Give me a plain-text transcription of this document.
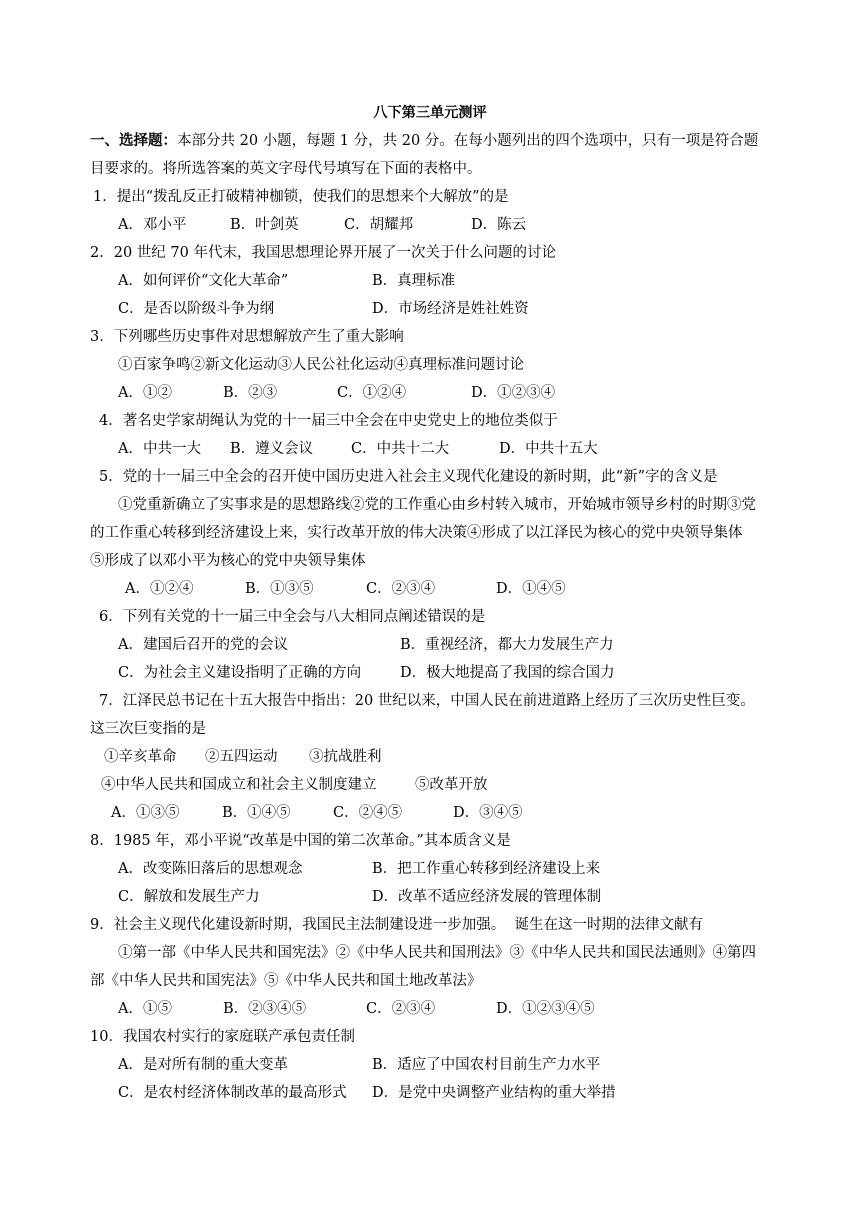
八下第三单元测评
一、选择题：本部分共 20 小题，每题 1 分，共 20 分。在每小题列出的四个选项中，只有一项是符合题
目要求的。将所选答案的英文字母代号填写在下面的表格中。
1．提出“拨乱反正打破精神枷锁，使我们的思想来个大解放”的是
A．邓小平	B．叶剑英	C．胡耀邦	D．陈云
2．20 世纪 70 年代末，我国思想理论界开展了一次关于什么问题的讨论
A．如何评价“文化大革命”	B．真理标准
C．是否以阶级斗争为纲	D．市场经济是姓社姓资
3．下列哪些历史事件对思想解放产生了重大影响
①百家争鸣②新文化运动③人民公社化运动④真理标准问题讨论
A．①②	B．②③	C．①②④	D．①②③④
4．著名史学家胡绳认为党的十一届三中全会在中史党史上的地位类似于
A．中共一大 B．遵义会议	C．中共十二大	D．中共十五大
5．党的十一届三中全会的召开使中国历史进入社会主义现代化建设的新时期，此“新”字的含义是
①党重新确立了实事求是的思想路线②党的工作重心由乡村转入城市，开始城市领导乡村的时期③党
的工作重心转移到经济建设上来，实行改革开放的伟大决策④形成了以江泽民为核心的党中央领导集体
⑤形成了以邓小平为核心的党中央领导集体
A．①②④	B．①③⑤	C．②③④	D．①④⑤
6．下列有关党的十一届三中全会与八大相同点阐述错误的是
A．建国后召开的党的会议	B．重视经济，都大力发展生产力
C．为社会主义建设指明了正确的方向	D．极大地提高了我国的综合国力
7．江泽民总书记在十五大报告中指出：20 世纪以来，中国人民在前进道路上经历了三次历史性巨变。
这三次巨变指的是
①辛亥革命 ②五四运动 ③抗战胜利
④中华人民共和国成立和社会主义制度建立	⑤改革开放
A．①③⑤	B．①④⑤	C．②④⑤	D．③④⑤
8．1985 年，邓小平说“改革是中国的第二次革命。”其本质含义是
A．改变陈旧落后的思想观念	B．把工作重心转移到经济建设上来
C．解放和发展生产力	D．改革不适应经济发展的管理体制
9．社会主义现代化建设新时期，我国民主法制建设进一步加强。  诞生在这一时期的法律文献有
①第一部《中华人民共和国宪法》②《中华人民共和国刑法》③《中华人民共和国民法通则》④第四
部《中华人民共和国宪法》⑤《中华人民共和国土地改革法》
A．①⑤	B．②③④⑤	C．②③④	D．①②③④⑤
10．我国农村实行的家庭联产承包责任制
A．是对所有制的重大变革	B．适应了中国农村目前生产力水平
C．是农村经济体制改革的最高形式 D．是党中央调整产业结构的重大举措
